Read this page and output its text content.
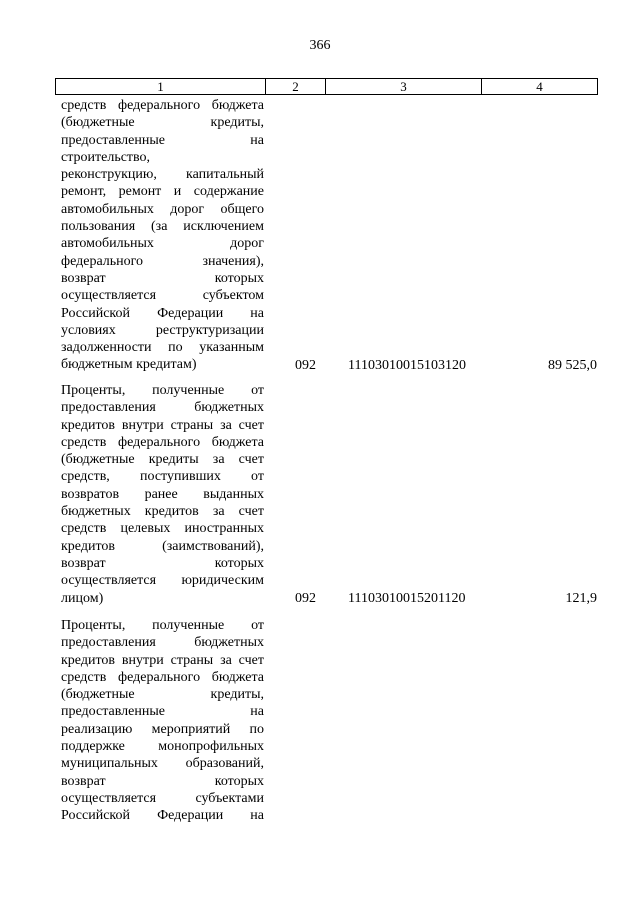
366
1	2	3	4
средств федерального бюджета
(бюджетные кредиты,
предоставленные на
строительство,
реконструкцию, капитальный
ремонт, ремонт и содержание
автомобильных дорог общего
пользования (за исключением
автомобильных дорог
федерального значения),
возврат которых
осуществляется субъектом
Российской Федерации на
условиях реструктуризации
задолженности по указанным
бюджетным кредитам)	092 11103010015103120	89 525,0
Проценты, полученные от
предоставления бюджетных
кредитов внутри страны за счет
средств федерального бюджета
(бюджетные кредиты за счет
средств, поступивших от
возвратов ранее выданных
бюджетных кредитов за счет
средств целевых иностранных
кредитов (заимствований),
возврат которых
осуществляется юридическим
лицом)	092 11103010015201120	121,9
Проценты, полученные от
предоставления бюджетных
кредитов внутри страны за счет
средств федерального бюджета
(бюджетные кредиты,
предоставленные на
реализацию мероприятий по
поддержке монопрофильных
муниципальных образований,
возврат которых
осуществляется субъектами
Российской Федерации на
